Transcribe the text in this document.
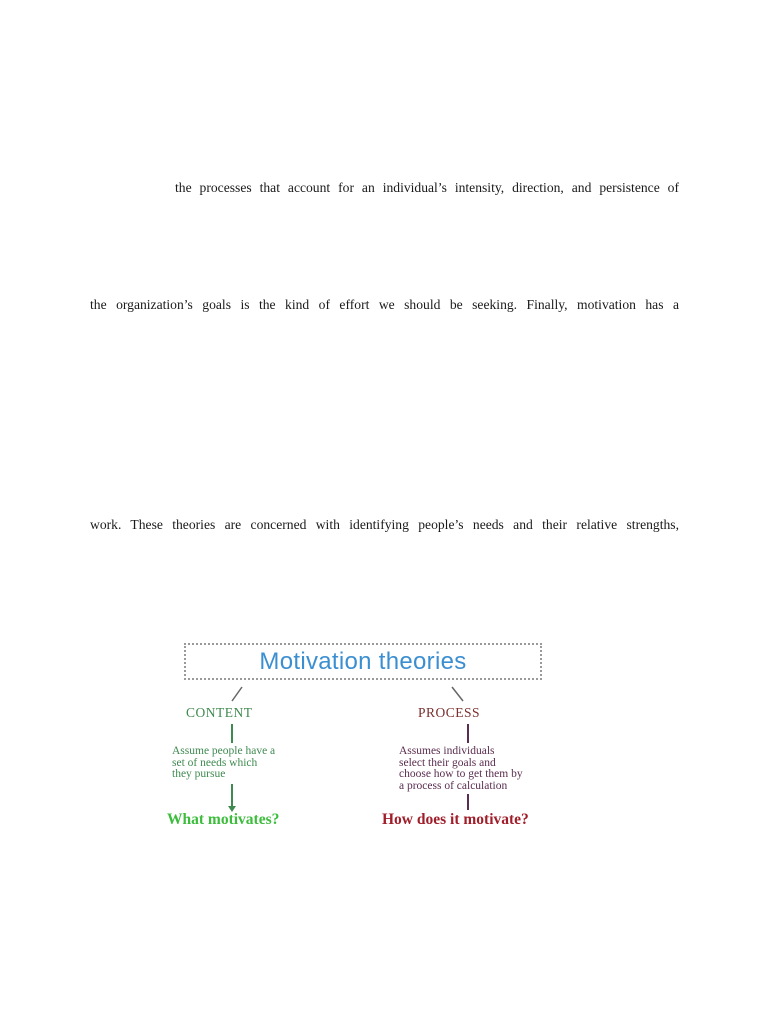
the processes that account for an individual’s intensity, direction, and persistence of
the organization’s goals is the kind of effort we should be seeking. Finally, motivation has a
work. These theories are concerned with identifying people’s needs and their relative strengths,
Motivation theories
CONTENT	PROCESS
Assume people have a
set of needs which
they pursue
Assumes individuals
select their goals and
choose how to get them by
a process of calculation
What motivates?	How does it motivate?
